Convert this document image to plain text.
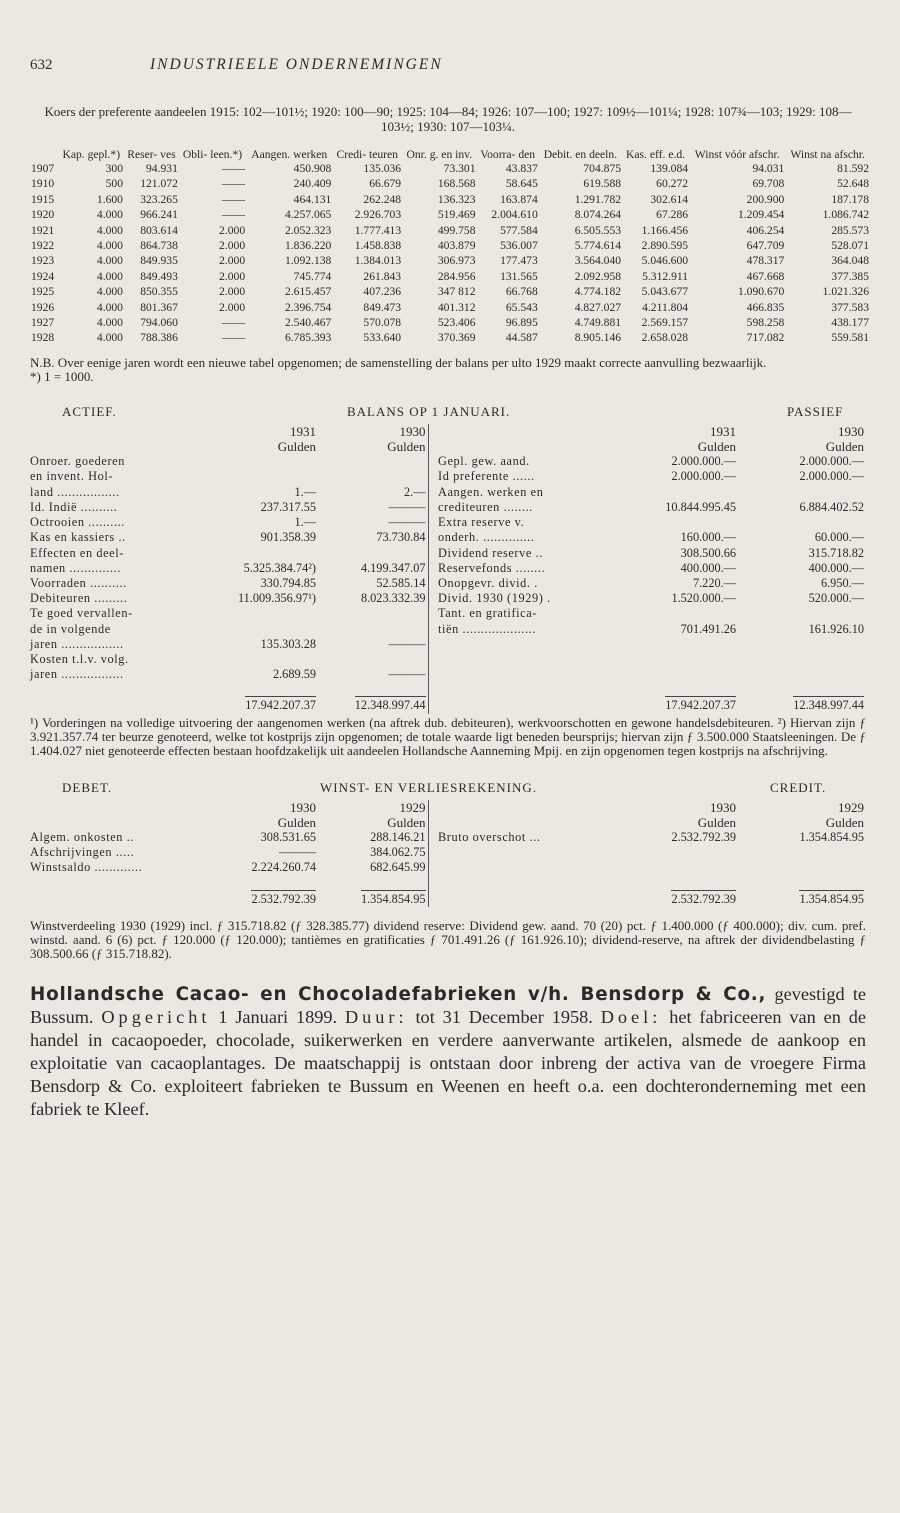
632	INDUSTRIEELE ONDERNEMINGEN
Koers der preferente aandeelen 1915: 102—101½; 1920: 100—90; 1925: 104—84; 1926: 107—100; 1927: 109½—101¼; 1928: 107¾—103; 1929: 108—103½; 1930: 107—103¼.
	Kap. gepl.*)	Reser- ves	Obli- leen.*)	Aangen. werken	Credi- teuren	Onr. g. en inv.	Voorra- den	Debit. en deeln.	Kas. eff. e.d.	Winst vóór afschr.	Winst na afschr.
1907	300	94.931	——	450.908	135.036	73.301	43.837	704.875	139.084	94.031	81.592
1910	500	121.072	——	240.409	66.679	168.568	58.645	619.588	60.272	69.708	52.648
1915	1.600	323.265	——	464.131	262.248	136.323	163.874	1.291.782	302.614	200.900	187.178
1920	4.000	966.241	——	4.257.065	2.926.703	519.469	2.004.610	8.074.264	67.286	1.209.454	1.086.742
1921	4.000	803.614	2.000	2.052.323	1.777.413	499.758	577.584	6.505.553	1.166.456	406.254	285.573
1922	4.000	864.738	2.000	1.836.220	1.458.838	403.879	536.007	5.774.614	2.890.595	647.709	528.071
1923	4.000	849.935	2.000	1.092.138	1.384.013	306.973	177.473	3.564.040	5.046.600	478.317	364.048
1924	4.000	849.493	2.000	745.774	261.843	284.956	131.565	2.092.958	5.312.911	467.668	377.385
1925	4.000	850.355	2.000	2.615.457	407.236	347 812	66.768	4.774.182	5.043.677	1.090.670	1.021.326
1926	4.000	801.367	2.000	2.396.754	849.473	401.312	65.543	4.827.027	4.211.804	466.835	377.583
1927	4.000	794.060	——	2.540.467	570.078	523.406	96.895	4.749.881	2.569.157	598.258	438.177
1928	4.000	788.386	——	6.785.393	533.640	370.369	44.587	8.905.146	2.658.028	717.082	559.581
N.B. Over eenige jaren wordt een nieuwe tabel opgenomen; de samenstelling der balans per ulto 1929 maakt correcte aanvulling bezwaarlijk.
*) 1 = 1000.
ACTIEF.	BALANS OP 1 JANUARI.	PASSIEF
	1931	1930			1931	1930
	Gulden	Gulden			Gulden	Gulden
Onroer. goederen				Gepl. gew. aand.	2.000.000.—	2.000.000.—
en invent. Hol-				Id preferente ......	2.000.000.—	2.000.000.—
land .................	1.—	2.—		Aangen. werken en		
Id. Indië ..........	237.317.55	———		crediteuren ........	10.844.995.45	6.884.402.52
Octrooien ..........	1.—	———		Extra reserve v.		
Kas en kassiers ..	901.358.39	73.730.84		onderh. ..............	160.000.—	60.000.—
Effecten en deel-				Dividend reserve ..	308.500.66	315.718.82
namen ..............	5.325.384.74²)	4.199.347.07		Reservefonds ........	400.000.—	400.000.—
Voorraden ..........	330.794.85	52.585.14		Onopgevr. divid. .	7.220.—	6.950.—
Debiteuren .........	11.009.356.97¹)	8.023.332.39		Divid. 1930 (1929) .	1.520.000.—	520.000.—
Te goed vervallen-				Tant. en gratifica-		
de in volgende				tiën ....................	701.491.26	161.926.10
jaren .................	135.303.28	———				
Kosten t.l.v. volg.						
jaren .................	2.689.59	———				
	17.942.207.37	12.348.997.44			17.942.207.37	12.348.997.44
¹) Vorderingen na volledige uitvoering der aangenomen werken (na aftrek dub. debiteuren), werkvoorschotten en gewone handelsdebiteuren. ²) Hiervan zijn ƒ 3.921.357.74 ter beurze genoteerd, welke tot kostprijs zijn opgenomen; de totale waarde ligt beneden beursprijs; hiervan zijn ƒ 3.500.000 Staatsleeningen. De ƒ 1.404.027 niet genoteerde effecten bestaan hoofdzakelijk uit aandeelen Hollandsche Aanneming Mpij. en zijn opgenomen tegen kostprijs na afschrijving.
DEBET.	WINST- EN VERLIESREKENING.	CREDIT.
	1930	1929			1930	1929
	Gulden	Gulden			Gulden	Gulden
Algem. onkosten ..	308.531.65	288.146.21		Bruto overschot ...	2.532.792.39	1.354.854.95
Afschrijvingen .....	———	384.062.75				
Winstsaldo .............	2.224.260.74	682.645.99				
	2.532.792.39	1.354.854.95			2.532.792.39	1.354.854.95
Winstverdeeling 1930 (1929) incl. ƒ 315.718.82 (ƒ 328.385.77) dividend reserve: Dividend gew. aand. 70 (20) pct. ƒ 1.400.000 (ƒ 400.000); div. cum. pref. winstd. aand. 6 (6) pct. ƒ 120.000 (ƒ 120.000); tantièmes en gratificaties ƒ 701.491.26 (ƒ 161.926.10); dividend-reserve, na aftrek der dividendbelasting ƒ 308.500.66 (ƒ 315.718.82).
Hollandsche Cacao- en Chocoladefabrieken v/h. Bensdorp & Co., gevestigd te Bussum. Opgericht 1 Januari 1899. Duur: tot 31 December 1958. Doel: het fabriceeren van en de handel in cacaopoeder, chocolade, suikerwerken en verdere aanverwante artikelen, alsmede de aankoop en exploitatie van cacaoplantages. De maatschappij is ontstaan door inbreng der activa van de vroegere Firma Bensdorp & Co. exploiteert fabrieken te Bussum en Weenen en heeft o.a. een dochteronderneming met een fabriek te Kleef.
